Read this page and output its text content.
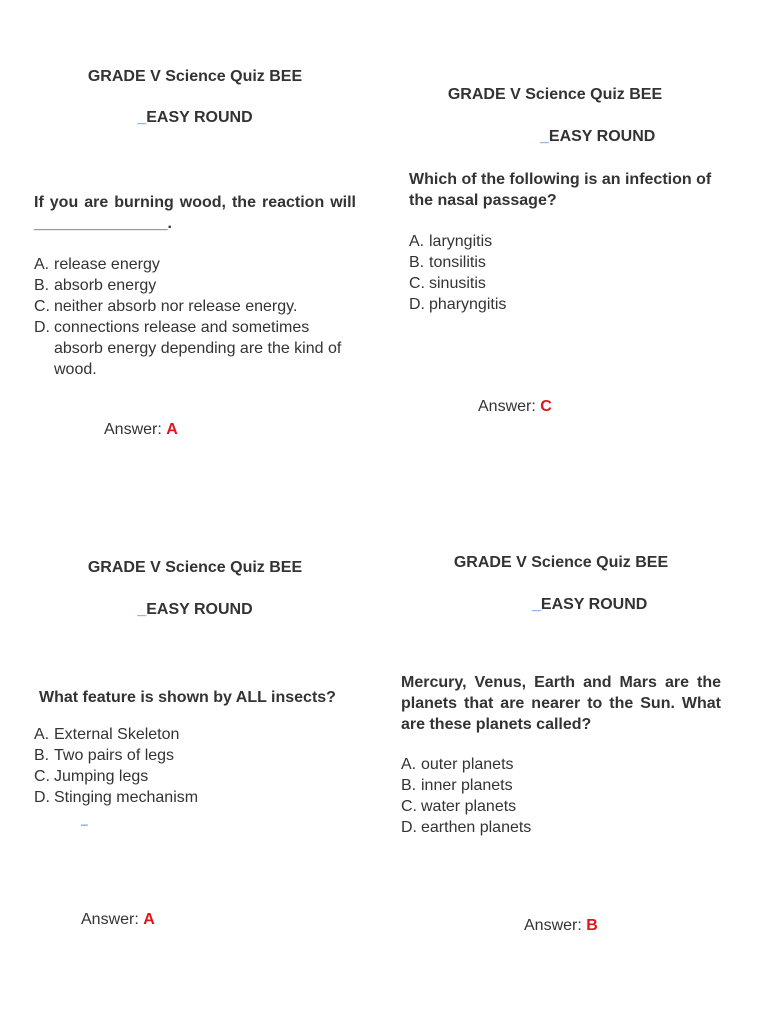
GRADE V Science Quiz BEE
_EASY ROUND
If you are burning wood, the reaction will _______________.
A. release energy
B. absorb energy
C. neither absorb nor release energy.
D. connections release and sometimes absorb energy depending are the kind of wood.
Answer: A
GRADE V Science Quiz BEE
_EASY ROUND
Which of the following is an infection of the nasal passage?
A. laryngitis
B. tonsilitis
C. sinusitis
D. pharyngitis
Answer: C
GRADE V Science Quiz BEE
_EASY ROUND
What feature is shown by ALL insects?
A. External Skeleton
B. Two pairs of legs
C. Jumping legs
D. Stinging mechanism
_
Answer: A
GRADE V Science Quiz BEE
_EASY ROUND
Mercury, Venus, Earth and Mars are the planets that are nearer to the Sun. What are these planets called?
A. outer planets
B. inner planets
C. water planets
D. earthen planets
Answer: B
